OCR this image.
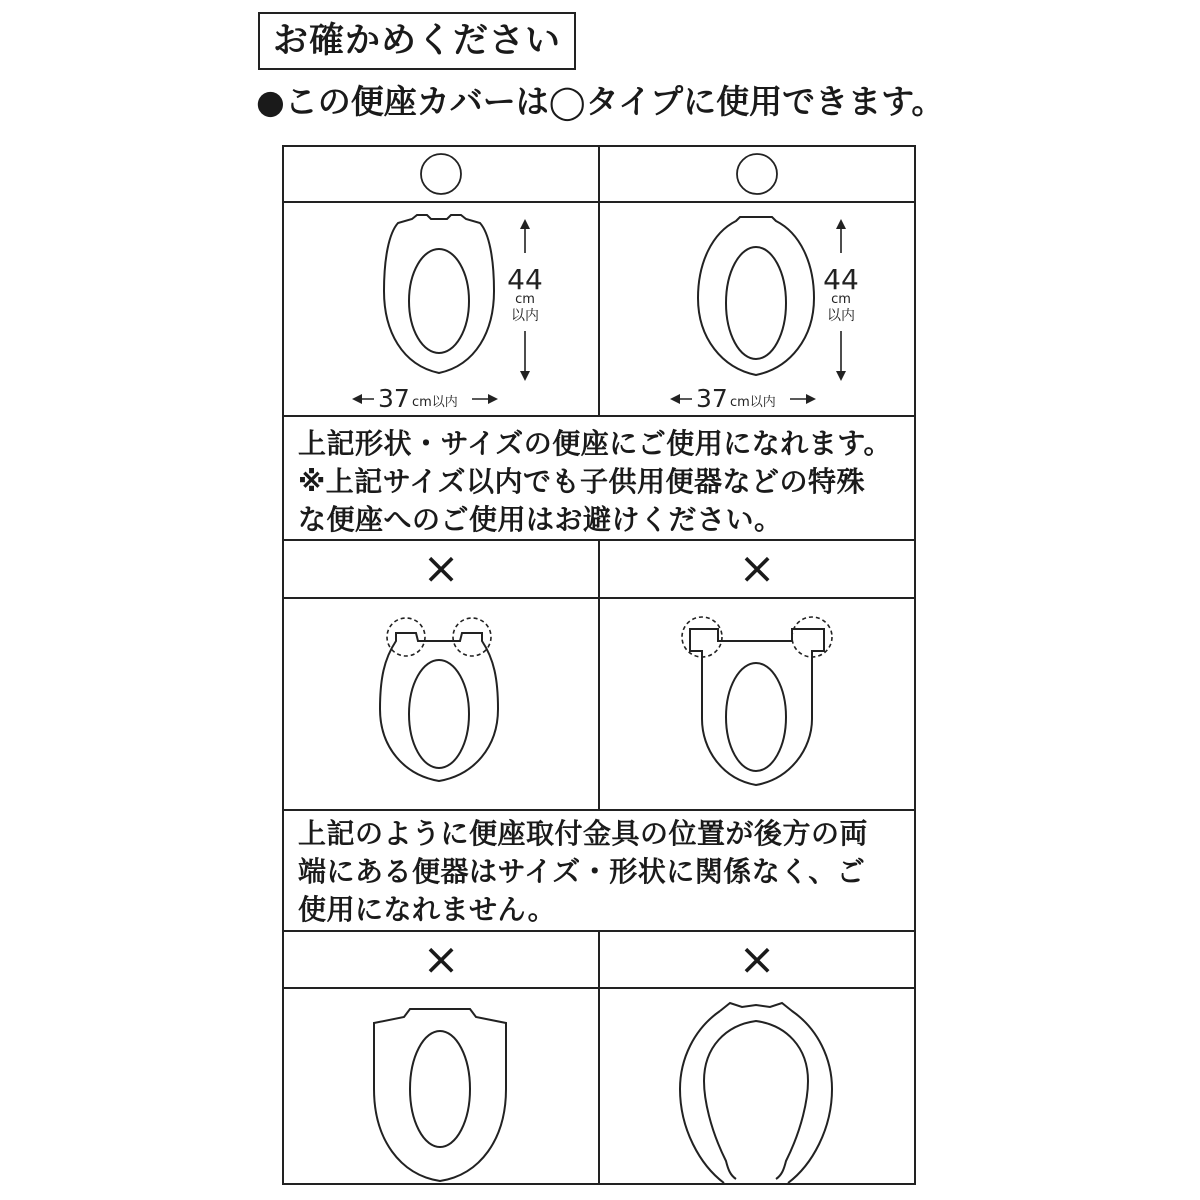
お確かめください
●この便座カバーは◯タイプに使用できます。
44
cm
以内
37 cm以内
44
cm
以内
37 cm以内
上記形状・サイズの便座にご使用になれます。
※上記サイズ以内でも子供用便器などの特殊
な便座へのご使用はお避けください。
×	×
上記のように便座取付金具の位置が後方の両
端にある便器はサイズ・形状に関係なく、ご
使用になれません。
×	×
